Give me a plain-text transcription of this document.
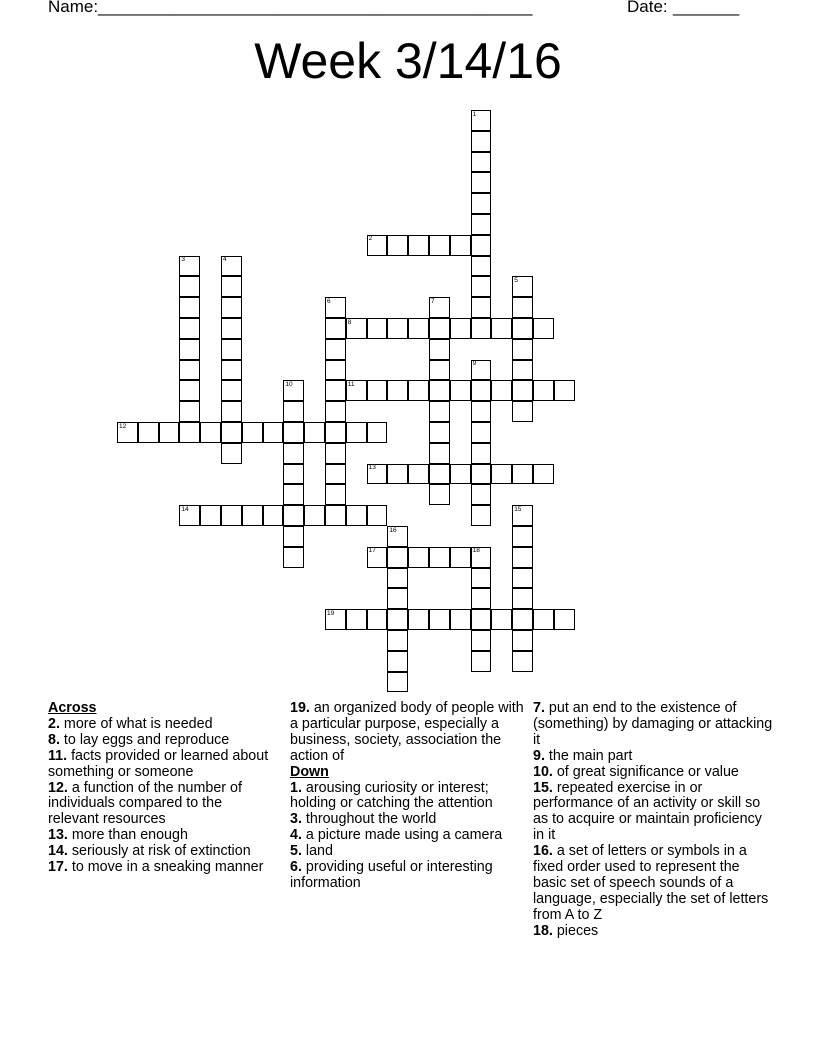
Name: __________________________________________________	Date: _______
Week 3/14/16
1
2
3	4
5
6	7
8
9
10	11
12
13
14	15
16
17	18
19

Across

2. more of what is needed

8. to lay eggs and reproduce

11. facts provided or learned about something or someone

12. a function of the number of individuals compared to the relevant resources

13. more than enough

14. seriously at risk of extinction

17. to move in a sneaking manner

19. an organized body of people with a particular purpose, especially a business, society, association the action of

Down

1. arousing curiosity or interest; holding or catching the attention

3. throughout the world

4. a picture made using a camera

5. land

6. providing useful or interesting information

7. put an end to the existence of (something) by damaging or attacking it

9. the main part

10. of great significance or value

15. repeated exercise in or performance of an activity or skill so as to acquire or maintain proficiency in it

16. a set of letters or symbols in a fixed order used to represent the basic set of speech sounds of a language, especially the set of letters from A to Z

18. pieces
